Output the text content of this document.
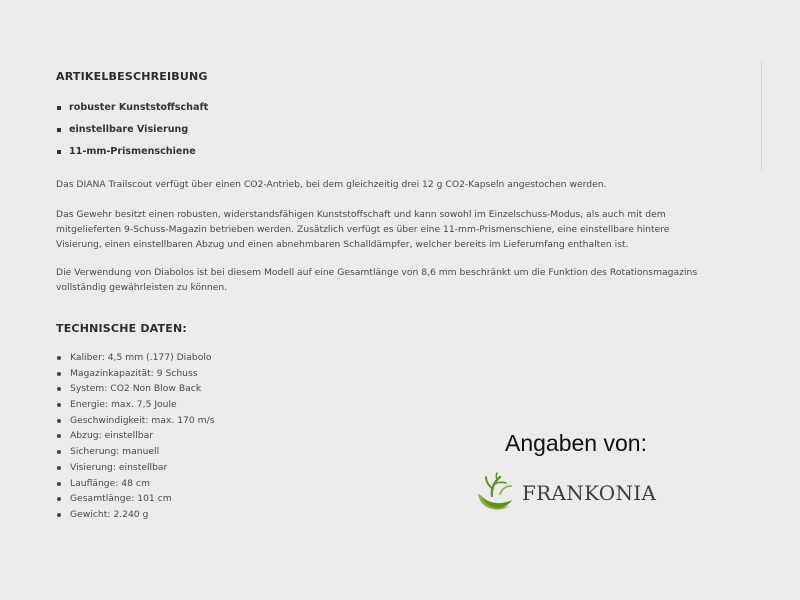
ARTIKELBESCHREIBUNG
robuster Kunststoffschaft
einstellbare Visierung
11-mm-Prismenschiene

Das DIANA Trailscout verfügt über einen CO2-Antrieb, bei dem gleichzeitig drei 12 g CO2-Kapseln angestochen werden.

Das Gewehr besitzt einen robusten, widerstandsfähigen Kunststoffschaft und kann sowohl im Einzelschuss-Modus, als auch mit dem mitgelieferten 9-Schuss-Magazin betrieben werden. Zusätzlich verfügt es über eine 11-mm-Prismenschiene, eine einstellbare hintere Visierung, einen einstellbaren Abzug und einen abnehmbaren Schalldämpfer, welcher bereits im Lieferumfang enthalten ist.

Die Verwendung von Diabolos ist bei diesem Modell auf eine Gesamtlänge von 8,6 mm beschränkt um die Funktion des Rotationsmagazins vollständig gewährleisten zu können.

TECHNISCHE DATEN:
Kaliber: 4,5 mm (.177) Diabolo
Magazinkapazität: 9 Schuss
System: CO2 Non Blow Back
Energie: max. 7,5 Joule
Geschwindigkeit: max. 170 m/s
Abzug: einstellbar
Sicherung: manuell
Visierung: einstellbar
Lauflänge: 48 cm
Gesamtlänge: 101 cm
Gewicht: 2.240 g

Angaben von:

FRANKONIA
